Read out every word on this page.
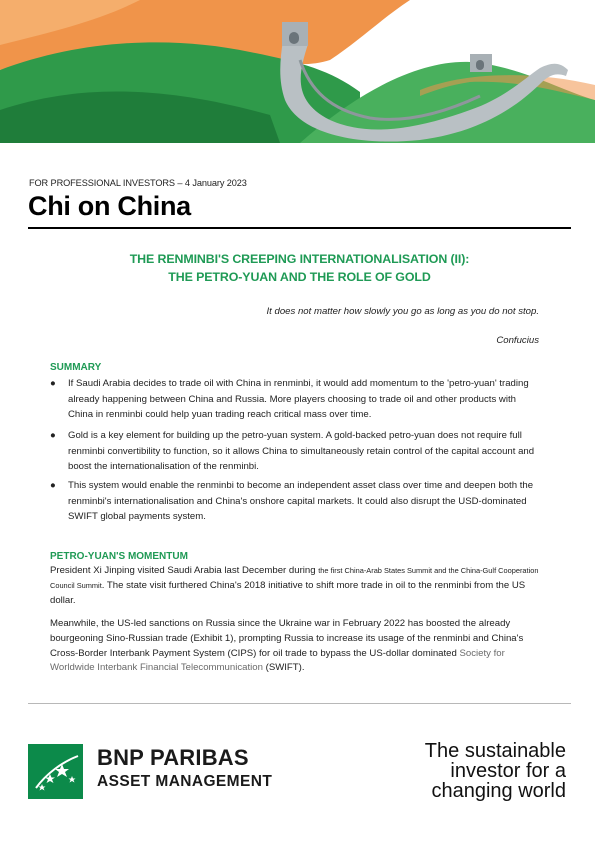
FOR PROFESSIONAL INVESTORS – 4 January 2023
Chi on China
THE RENMINBI'S CREEPING INTERNATIONALISATION (II):
THE PETRO-YUAN AND THE ROLE OF GOLD
It does not matter how slowly you go as long as you do not stop.
Confucius
SUMMARY
● If Saudi Arabia decides to trade oil with China in renminbi, it would add momentum to the 'petro-yuan' trading already happening between China and Russia. More players choosing to trade oil and other products with China in renminbi could help yuan trading reach critical mass over time.
● Gold is a key element for building up the petro-yuan system. A gold-backed petro-yuan does not require full renminbi convertibility to function, so it allows China to simultaneously retain control of the capital account and boost the internationalisation of the renminbi.
● This system would enable the renminbi to become an independent asset class over time and deepen both the renminbi's internationalisation and China's onshore capital markets. It could also disrupt the USD-dominated SWIFT global payments system.
PETRO-YUAN'S MOMENTUM
President Xi Jinping visited Saudi Arabia last December during the first China-Arab States Summit and the China-Gulf Cooperation Council Summit. The state visit furthered China's 2018 initiative to shift more trade in oil to the renminbi from the US dollar.
Meanwhile, the US-led sanctions on Russia since the Ukraine war in February 2022 has boosted the already bourgeoning Sino-Russian trade (Exhibit 1), prompting Russia to increase its usage of the renminbi and China's Cross-Border Interbank Payment System (CIPS) for oil trade to bypass the US-dollar dominated Society for Worldwide Interbank Financial Telecommunication (SWIFT).
BNP PARIBAS
ASSET MANAGEMENT
The sustainable
investor for a
changing world
